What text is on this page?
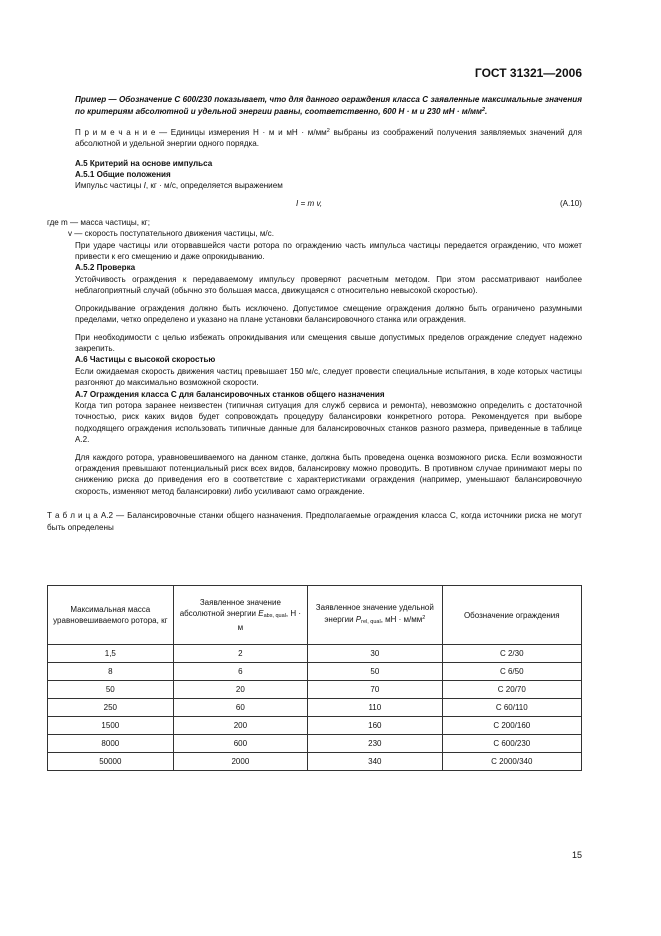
ГОСТ 31321—2006

Пример — Обозначение С 600/230 показывает, что для данного ограждения класса С заявленные максимальные значения по критериям абсолютной и удельной энергии равны, соответственно, 600 Н · м и 230 мН · $м/мм^2$.

П р и м е ч а н и е — Единицы измерения Н · м и мН · $м/мм^2$ выбраны из соображений получения заявляемых значений для абсолютной и удельной энергии одного порядка.

А.5 Критерий на основе импульса

А.5.1 Общие положения

Импульс частицы I, кг · м/с, определяется выражением

I = m v,	(А.10)

где m — масса частицы, кг;

v — скорость поступательного движения частицы, м/с.

При ударе частицы или оторвавшейся части ротора по ограждению часть импульса частицы передается ограждению, что может привести к его смещению и даже опрокидыванию.

А.5.2 Проверка

Устойчивость ограждения к передаваемому импульсу проверяют расчетным методом. При этом рассматривают наиболее неблагоприятный случай (обычно это большая масса, движущаяся с относительно невысокой скоростью).

Опрокидывание ограждения должно быть исключено. Допустимое смещение ограждения должно быть ограничено разумными пределами, четко определено и указано на плане установки балансировочного станка или ограждения.

При необходимости с целью избежать опрокидывания или смещения свыше допустимых пределов ограждение следует надежно закрепить.

А.6 Частицы с высокой скоростью

Если ожидаемая скорость движения частиц превышает 150 м/с, следует провести специальные испытания, в ходе которых частицы разгоняют до максимально возможной скорости.

А.7 Ограждения класса С для балансировочных станков общего назначения

Когда тип ротора заранее неизвестен (типичная ситуация для служб сервиса и ремонта), невозможно определить с достаточной точностью, риск каких видов будет сопровождать процедуру балансировки конкретного ротора. Рекомендуется при выборе подходящего ограждения использовать типичные данные для балансировочных станков разного размера, приведенные в таблице А.2.

Для каждого ротора, уравновешиваемого на данном станке, должна быть проведена оценка возможного риска. Если возможности ограждения превышают потенциальный риск всех видов, балансировку можно проводить. В противном случае принимают меры по снижению риска до приведения его в соответствие с характеристиками ограждения (например, уменьшают балансировочную скорость, изменяют метод балансировки) либо усиливают само ограждение.

Т а б л и ц а А.2 — Балансировочные станки общего назначения. Предполагаемые ограждения класса С, когда источники риска не могут быть определены

Максимальная масса уравновешиваемого ротора, кг	Заявленное значение абсолютной энергии $E_{abs, qual}$, Н · м	Заявленное значение удельной энергии $P_{rel, qual}$, мН · $м/мм^2$	Обозначение ограждения
1,5	2	30	С 2/30
8	6	50	С 6/50
50	20	70	С 20/70
250	60	110	С 60/110
1500	200	160	С 200/160
8000	600	230	С 600/230
50000	2000	340	С 2000/340
15
